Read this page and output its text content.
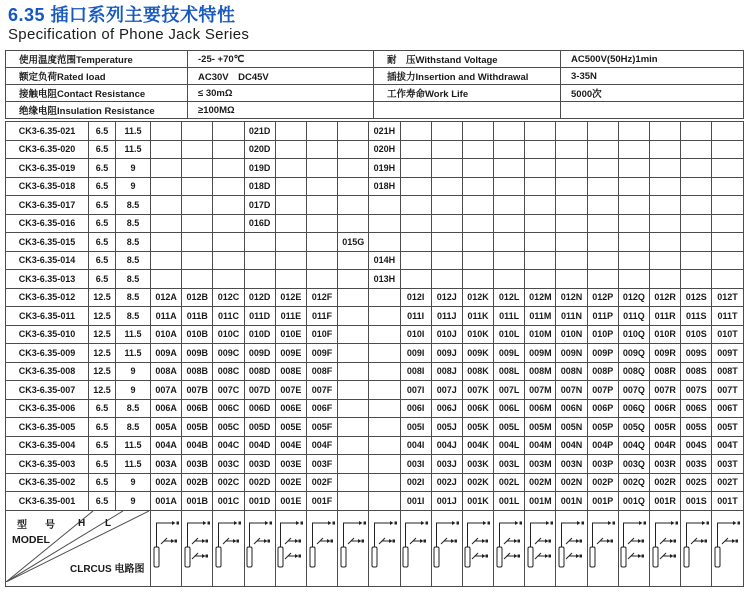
6.35 插口系列主要技术特性
Specification of Phone Jack Series
使用温度范围Temperature	-25- +70℃	耐　压Withstand Voltage	AC500V(50Hz)1min
额定负荷Rated load	AC30V　DC45V	插拔力Insertion and Withdrawal	3-35N
接触电阻Contact Resistance	≤ 30mΩ	工作寿命Work Life	5000次
绝缘电阻Insulation Resistance	≥100MΩ		
CK3-6.35-021	6.5	11.5				021D				021H											
CK3-6.35-020	6.5	11.5				020D				020H											
CK3-6.35-019	6.5	9				019D				019H											
CK3-6.35-018	6.5	9				018D				018H											
CK3-6.35-017	6.5	8.5				017D															
CK3-6.35-016	6.5	8.5				016D															
CK3-6.35-015	6.5	8.5							015G												
CK3-6.35-014	6.5	8.5								014H											
CK3-6.35-013	6.5	8.5								013H											
CK3-6.35-012	12.5	8.5	012A	012B	012C	012D	012E	012F			012I	012J	012K	012L	012M	012N	012P	012Q	012R	012S	012T
CK3-6.35-011	12.5	8.5	011A	011B	011C	011D	011E	011F			011I	011J	011K	011L	011M	011N	011P	011Q	011R	011S	011T
CK3-6.35-010	12.5	11.5	010A	010B	010C	010D	010E	010F			010I	010J	010K	010L	010M	010N	010P	010Q	010R	010S	010T
CK3-6.35-009	12.5	11.5	009A	009B	009C	009D	009E	009F			009I	009J	009K	009L	009M	009N	009P	009Q	009R	009S	009T
CK3-6.35-008	12.5	9	008A	008B	008C	008D	008E	008F			008I	008J	008K	008L	008M	008N	008P	008Q	008R	008S	008T
CK3-6.35-007	12.5	9	007A	007B	007C	007D	007E	007F			007I	007J	007K	007L	007M	007N	007P	007Q	007R	007S	007T
CK3-6.35-006	6.5	8.5	006A	006B	006C	006D	006E	006F			006I	006J	006K	006L	006M	006N	006P	006Q	006R	006S	006T
CK3-6.35-005	6.5	8.5	005A	005B	005C	005D	005E	005F			005I	005J	005K	005L	005M	005N	005P	005Q	005R	005S	005T
CK3-6.35-004	6.5	11.5	004A	004B	004C	004D	004E	004F			004I	004J	004K	004L	004M	004N	004P	004Q	004R	004S	004T
CK3-6.35-003	6.5	11.5	003A	003B	003C	003D	003E	003F			003I	003J	003K	003L	003M	003N	003P	003Q	003R	003S	003T
CK3-6.35-002	6.5	9	002A	002B	002C	002D	002E	002F			002I	002J	002K	002L	002M	002N	002P	002Q	002R	002S	002T
CK3-6.35-001	6.5	9	001A	001B	001C	001D	001E	001F			001I	001J	001K	001L	001M	001N	001P	001Q	001R	001S	001T
型　号
MODEL
H L
CLRCUS 电路图
